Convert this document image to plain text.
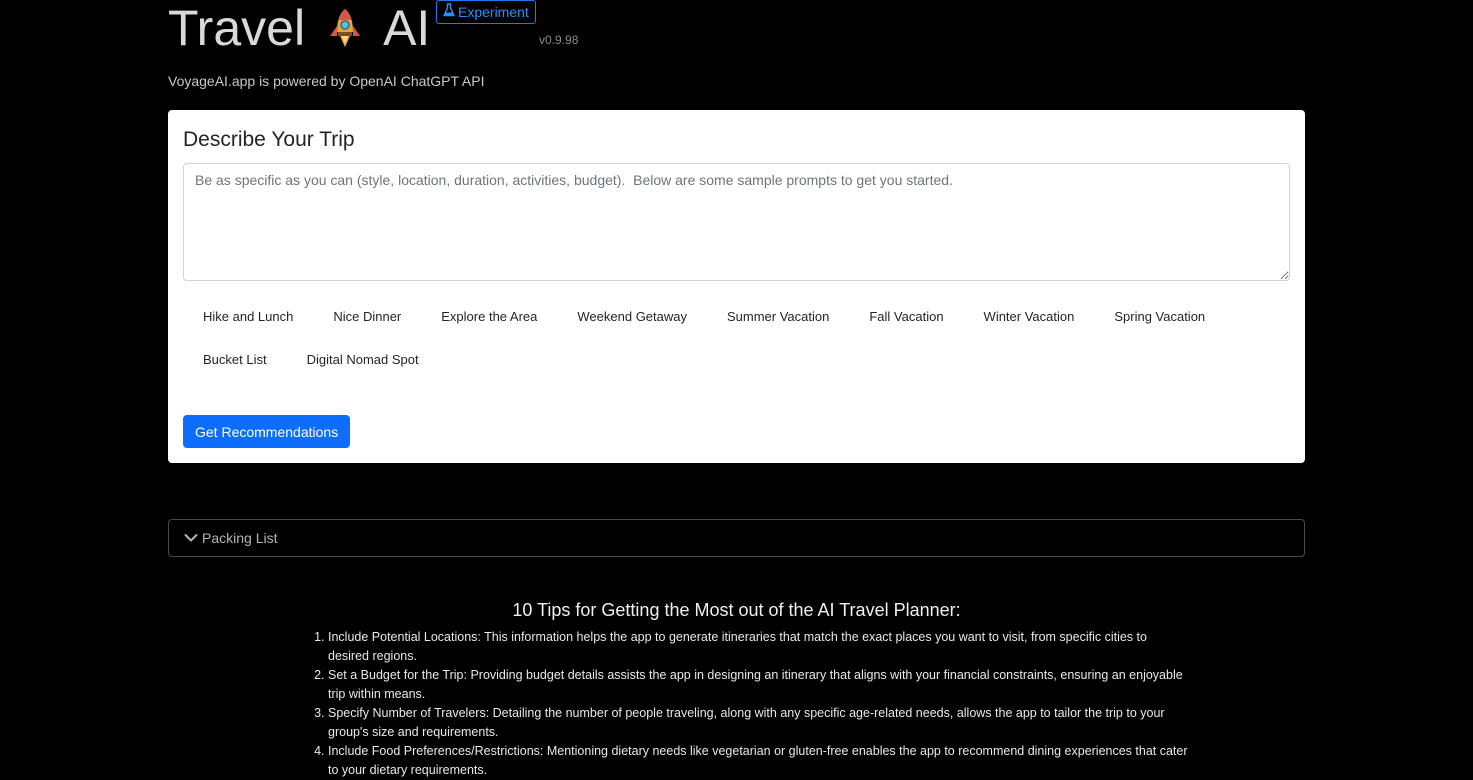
Travel AI Experiment
v0.9.98
VoyageAI.app is powered by OpenAI ChatGPT API
Describe Your Trip
Be as specific as you can (style, location, duration, activities, budget). Below are some sample prompts to get you started.
Hike and Lunch	Nice Dinner	Explore the Area	Weekend Getaway	Summer Vacation	Fall Vacation	Winter Vacation	Spring Vacation
Bucket List	Digital Nomad Spot
Get Recommendations
Packing List
10 Tips for Getting the Most out of the AI Travel Planner:
1. Include Potential Locations: This information helps the app to generate itineraries that match the exact places you want to visit, from specific cities to desired regions.
2. Set a Budget for the Trip: Providing budget details assists the app in designing an itinerary that aligns with your financial constraints, ensuring an enjoyable trip within means.
3. Specify Number of Travelers: Detailing the number of people traveling, along with any specific age-related needs, allows the app to tailor the trip to your group's size and requirements.
4. Include Food Preferences/Restrictions: Mentioning dietary needs like vegetarian or gluten-free enables the app to recommend dining experiences that cater to your dietary requirements.
